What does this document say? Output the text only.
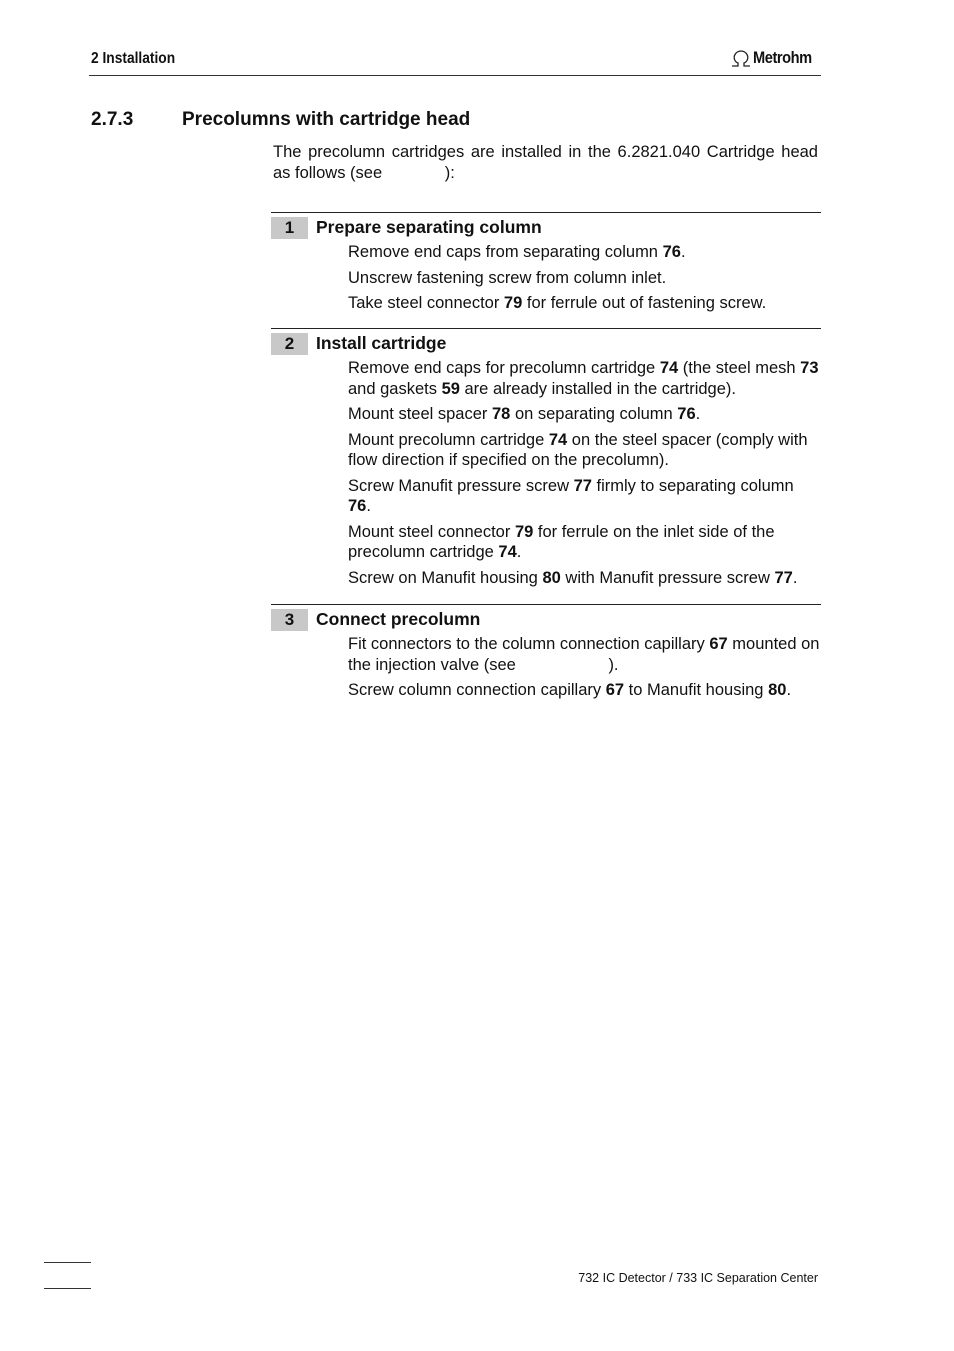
2 Installation	Metrohm
2.7.3	Precolumns with cartridge head
The precolumn cartridges are installed in the 6.2821.040 Cartridge head as follows (see	):
1	Prepare separating column
Remove end caps from separating column 76.
Unscrew fastening screw from column inlet.
Take steel connector 79 for ferrule out of fastening screw.
2	Install cartridge
Remove end caps for precolumn cartridge 74 (the steel mesh 73 and gaskets 59 are already installed in the cartridge).
Mount steel spacer 78 on separating column 76.
Mount precolumn cartridge 74 on the steel spacer (comply with flow direction if specified on the precolumn).
Screw Manufit pressure screw 77 firmly to separating column 76.
Mount steel connector 79 for ferrule on the inlet side of the precolumn cartridge 74.
Screw on Manufit housing 80 with Manufit pressure screw 77.
3	Connect precolumn
Fit connectors to the column connection capillary 67 mounted on the injection valve (see	).
Screw column connection capillary 67 to Manufit housing 80.
732 IC Detector / 733 IC Separation Center
